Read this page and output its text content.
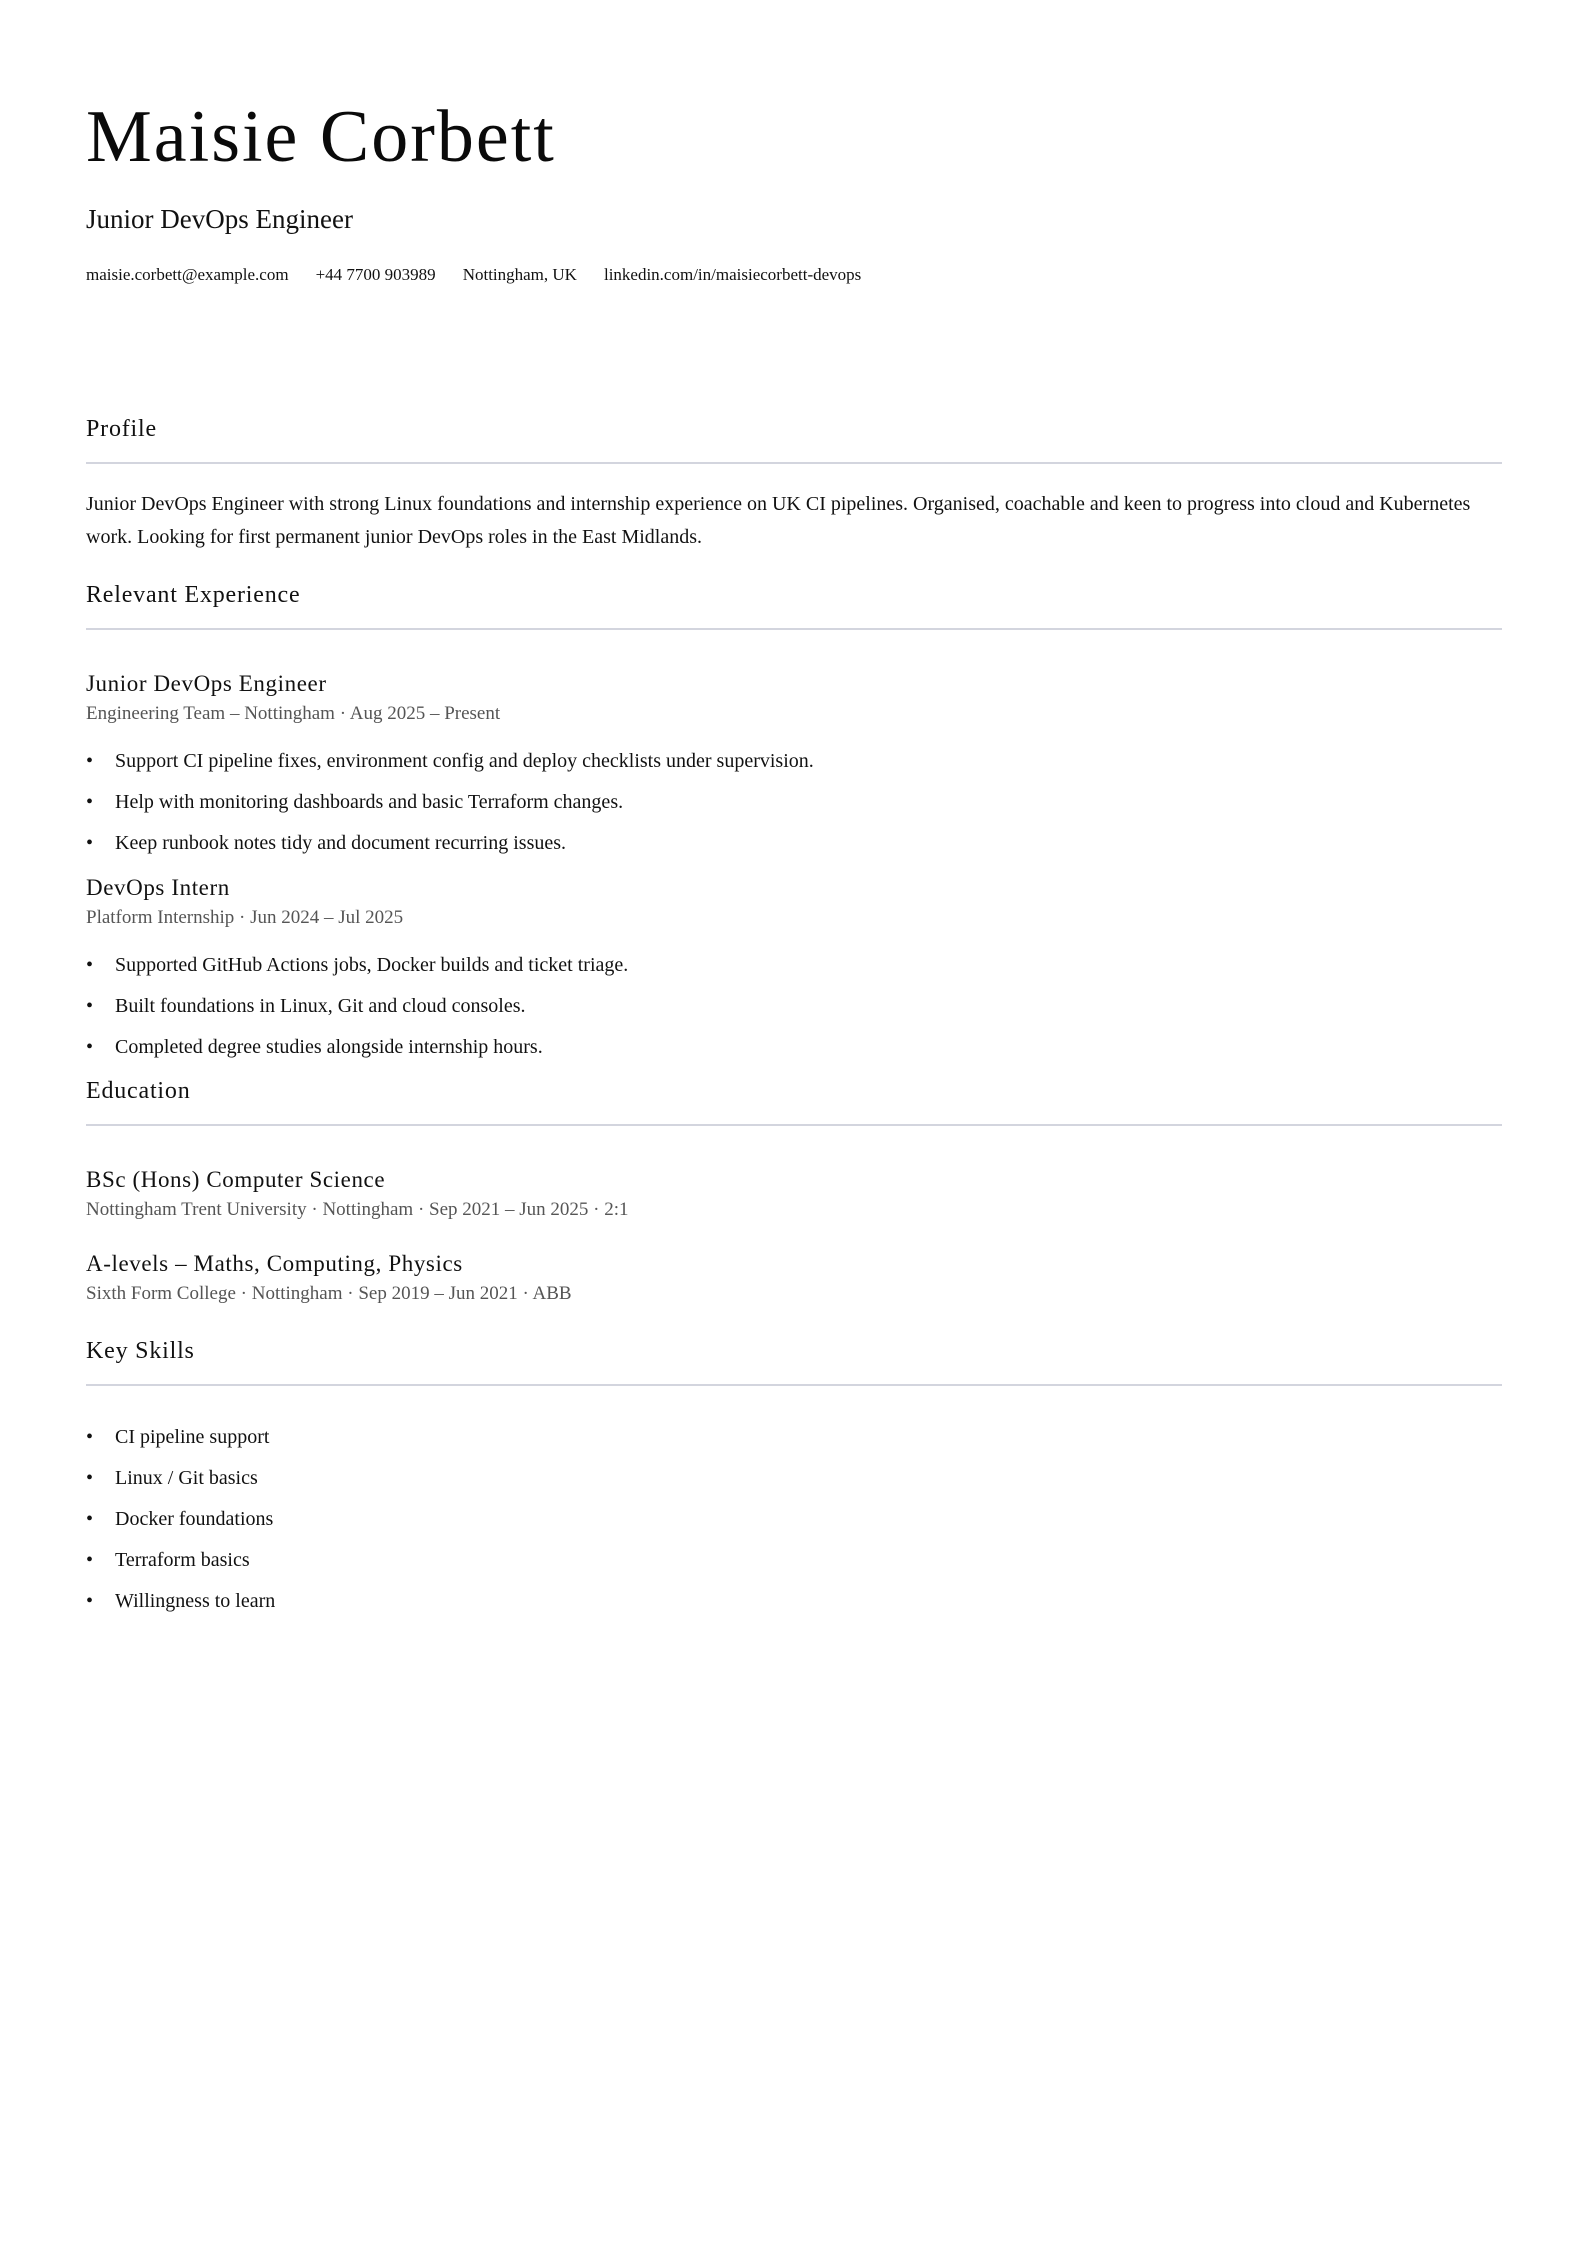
Maisie Corbett
Junior DevOps Engineer
maisie.corbett@example.com +44 7700 903989 Nottingham, UK linkedin.com/in/maisiecorbett-devops
Profile

Junior DevOps Engineer with strong Linux foundations and internship experience on UK CI pipelines. Organised, coachable and keen to progress into cloud and Kubernetes work. Looking for first permanent junior DevOps roles in the East Midlands.

Relevant Experience
Junior DevOps Engineer
Engineering Team – Nottingham · Aug 2025 – Present
• Support CI pipeline fixes, environment config and deploy checklists under supervision.
• Help with monitoring dashboards and basic Terraform changes.
• Keep runbook notes tidy and document recurring issues.
DevOps Intern
Platform Internship · Jun 2024 – Jul 2025
• Supported GitHub Actions jobs, Docker builds and ticket triage.
• Built foundations in Linux, Git and cloud consoles.
• Completed degree studies alongside internship hours.
Education
BSc (Hons) Computer Science
Nottingham Trent University · Nottingham · Sep 2021 – Jun 2025 · 2:1
A-levels – Maths, Computing, Physics
Sixth Form College · Nottingham · Sep 2019 – Jun 2021 · ABB
Key Skills
• CI pipeline support
• Linux / Git basics
• Docker foundations
• Terraform basics
• Willingness to learn
